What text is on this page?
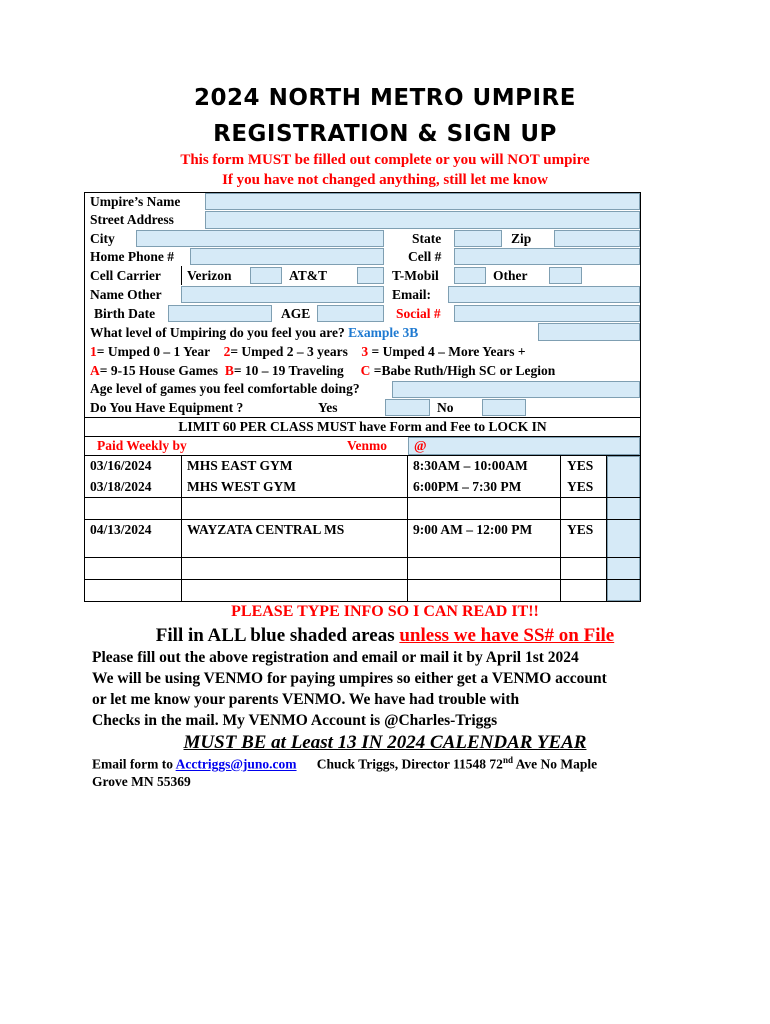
2024 NORTH METRO UMPIRE
REGISTRATION & SIGN UP
This form MUST be filled out complete or you will NOT umpire
If you have not changed anything, still let me know
Umpire’s Name
Street Address
City	State	Zip
Home Phone #	Cell #
Cell Carrier Verizon	AT&T	T-Mobil	Other
Name Other	Email:
Birth Date	AGE	Social #
What level of Umpiring do you feel you are? Example 3B
1= Umped 0 – 1 Year 2= Umped 2 – 3 years 3 = Umped 4 – More Years +
A= 9-15 House Games B= 10 – 19 Traveling C =Babe Ruth/High SC or Legion
Age level of games you feel comfortable doing?
Do You Have Equipment ?	Yes	No
LIMIT 60 PER CLASS MUST have Form and Fee to LOCK IN
Paid Weekly by	Venmo @
03/16/2024	MHS EAST GYM	8:30AM – 10:00AM	YES
03/18/2024	MHS WEST GYM	6:00PM – 7:30 PM	YES
04/13/2024	WAYZATA CENTRAL MS	9:00 AM – 12:00 PM	YES
PLEASE TYPE INFO SO I CAN READ IT!!
Fill in ALL blue shaded areas unless we have SS# on File
Please fill out the above registration and email or mail it by April 1st 2024
We will be using VENMO for paying umpires so either get a VENMO account
or let me know your parents VENMO. We have had trouble with
Checks in the mail. My VENMO Account is @Charles-Triggs
MUST BE at Least 13 IN 2024 CALENDAR YEAR
Email form to Acctriggs@juno.com Chuck Triggs, Director 11548 72nd Ave No Maple
Grove MN 55369
